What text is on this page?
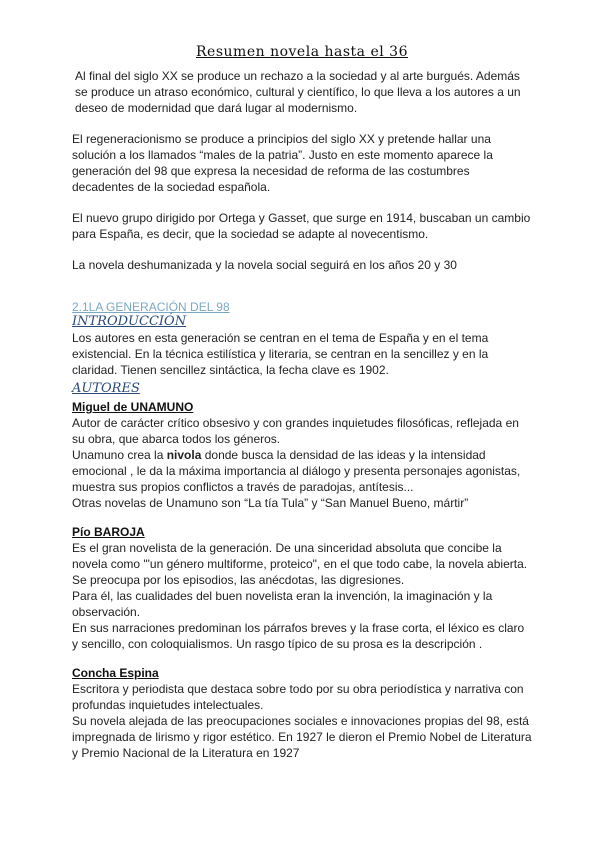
Resumen novela hasta el 36

Al final del siglo XX se produce un rechazo a la sociedad y al arte burgués. Además se produce un atraso económico, cultural y científico, lo que lleva a los autores a un deseo de modernidad que dará lugar al modernismo.

El regeneracionismo se produce a principios del siglo XX y pretende hallar una solución a los llamados “males de la patria”. Justo en este momento aparece la generación del 98 que expresa la necesidad de reforma de las costumbres decadentes de la sociedad española.

El nuevo grupo dirigido por Ortega y Gasset, que surge en 1914, buscaban un cambio para España, es decir, que la sociedad se adapte al novecentismo.

La novela deshumanizada y la novela social seguirá en los años 20 y 30

2.1LA GENERACIÓN DEL 98
INTRODUCCIÓN

Los autores en esta generación se centran en el tema de España y en el tema existencial. En la técnica estilística y literaria, se centran en la sencillez y en la claridad. Tienen sencillez sintáctica, la fecha clave es 1902.

AUTORES
Miguel de UNAMUNO

Autor de carácter crítico obsesivo y con grandes inquietudes filosóficas, reflejada en su obra, que abarca todos los géneros.

Unamuno crea la nivola donde busca la densidad de las ideas y la intensidad emocional , le da la máxima importancia al diálogo y presenta personajes agonistas, muestra sus propios conflictos a través de paradojas, antítesis...

Otras novelas de Unamuno son “La tía Tula” y “San Manuel Bueno, mártir”

Pío BAROJA

Es el gran novelista de la generación. De una sinceridad absoluta que concibe la novela como "'un género multiforme, proteico", en el que todo cabe, la novela abierta. Se preocupa por los episodios, las anécdotas, las digresiones.

Para él, las cualidades del buen novelista eran la invención, la imaginación y la observación.

En sus narraciones predominan los párrafos breves y la frase corta, el léxico es claro y sencillo, con coloquialismos. Un rasgo típico de su prosa es la descripción .

Concha Espina

Escritora y periodista que destaca sobre todo por su obra periodística y narrativa con profundas inquietudes intelectuales.

Su novela alejada de las preocupaciones sociales e innovaciones propias del 98, está impregnada de lirismo y rigor estético. En 1927 le dieron el Premio Nobel de Literatura y Premio Nacional de la Literatura en 1927
